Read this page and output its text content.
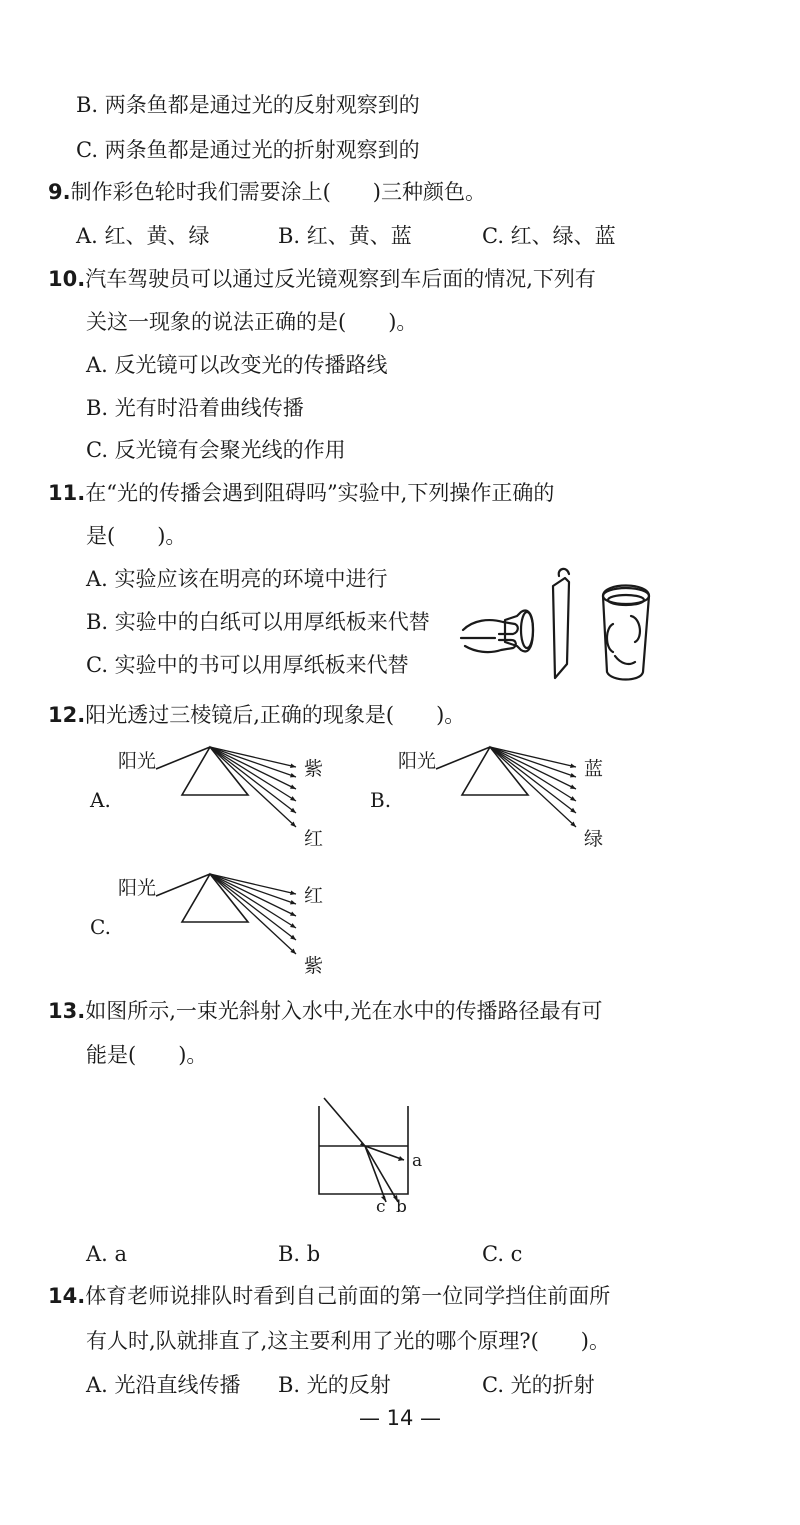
B. 两条鱼都是通过光的反射观察到的
C. 两条鱼都是通过光的折射观察到的
9.制作彩色轮时我们需要涂上(　　)三种颜色。
A. 红、黄、绿	B. 红、黄、蓝	C. 红、绿、蓝
10.汽车驾驶员可以通过反光镜观察到车后面的情况,下列有
关这一现象的说法正确的是(　　)。
A. 反光镜可以改变光的传播路线
B. 光有时沿着曲线传播
C. 反光镜有会聚光线的作用
11.在“光的传播会遇到阻碍吗”实验中,下列操作正确的
是(　　)。
A. 实验应该在明亮的环境中进行
B. 实验中的白纸可以用厚纸板来代替
C. 实验中的书可以用厚纸板来代替
12.阳光透过三棱镜后,正确的现象是(　　)。
A.
阳光	紫
红
B.
阳光	蓝
绿
C.
阳光	红
紫
13.如图所示,一束光斜射入水中,光在水中的传播路径最有可
能是(　　)。
a
c b
A. a	B. b	C. c
14.体育老师说排队时看到自己前面的第一位同学挡住前面所
有人时,队就排直了,这主要利用了光的哪个原理?(　　)。
A. 光沿直线传播 B. 光的反射	C. 光的折射
— 14 —
